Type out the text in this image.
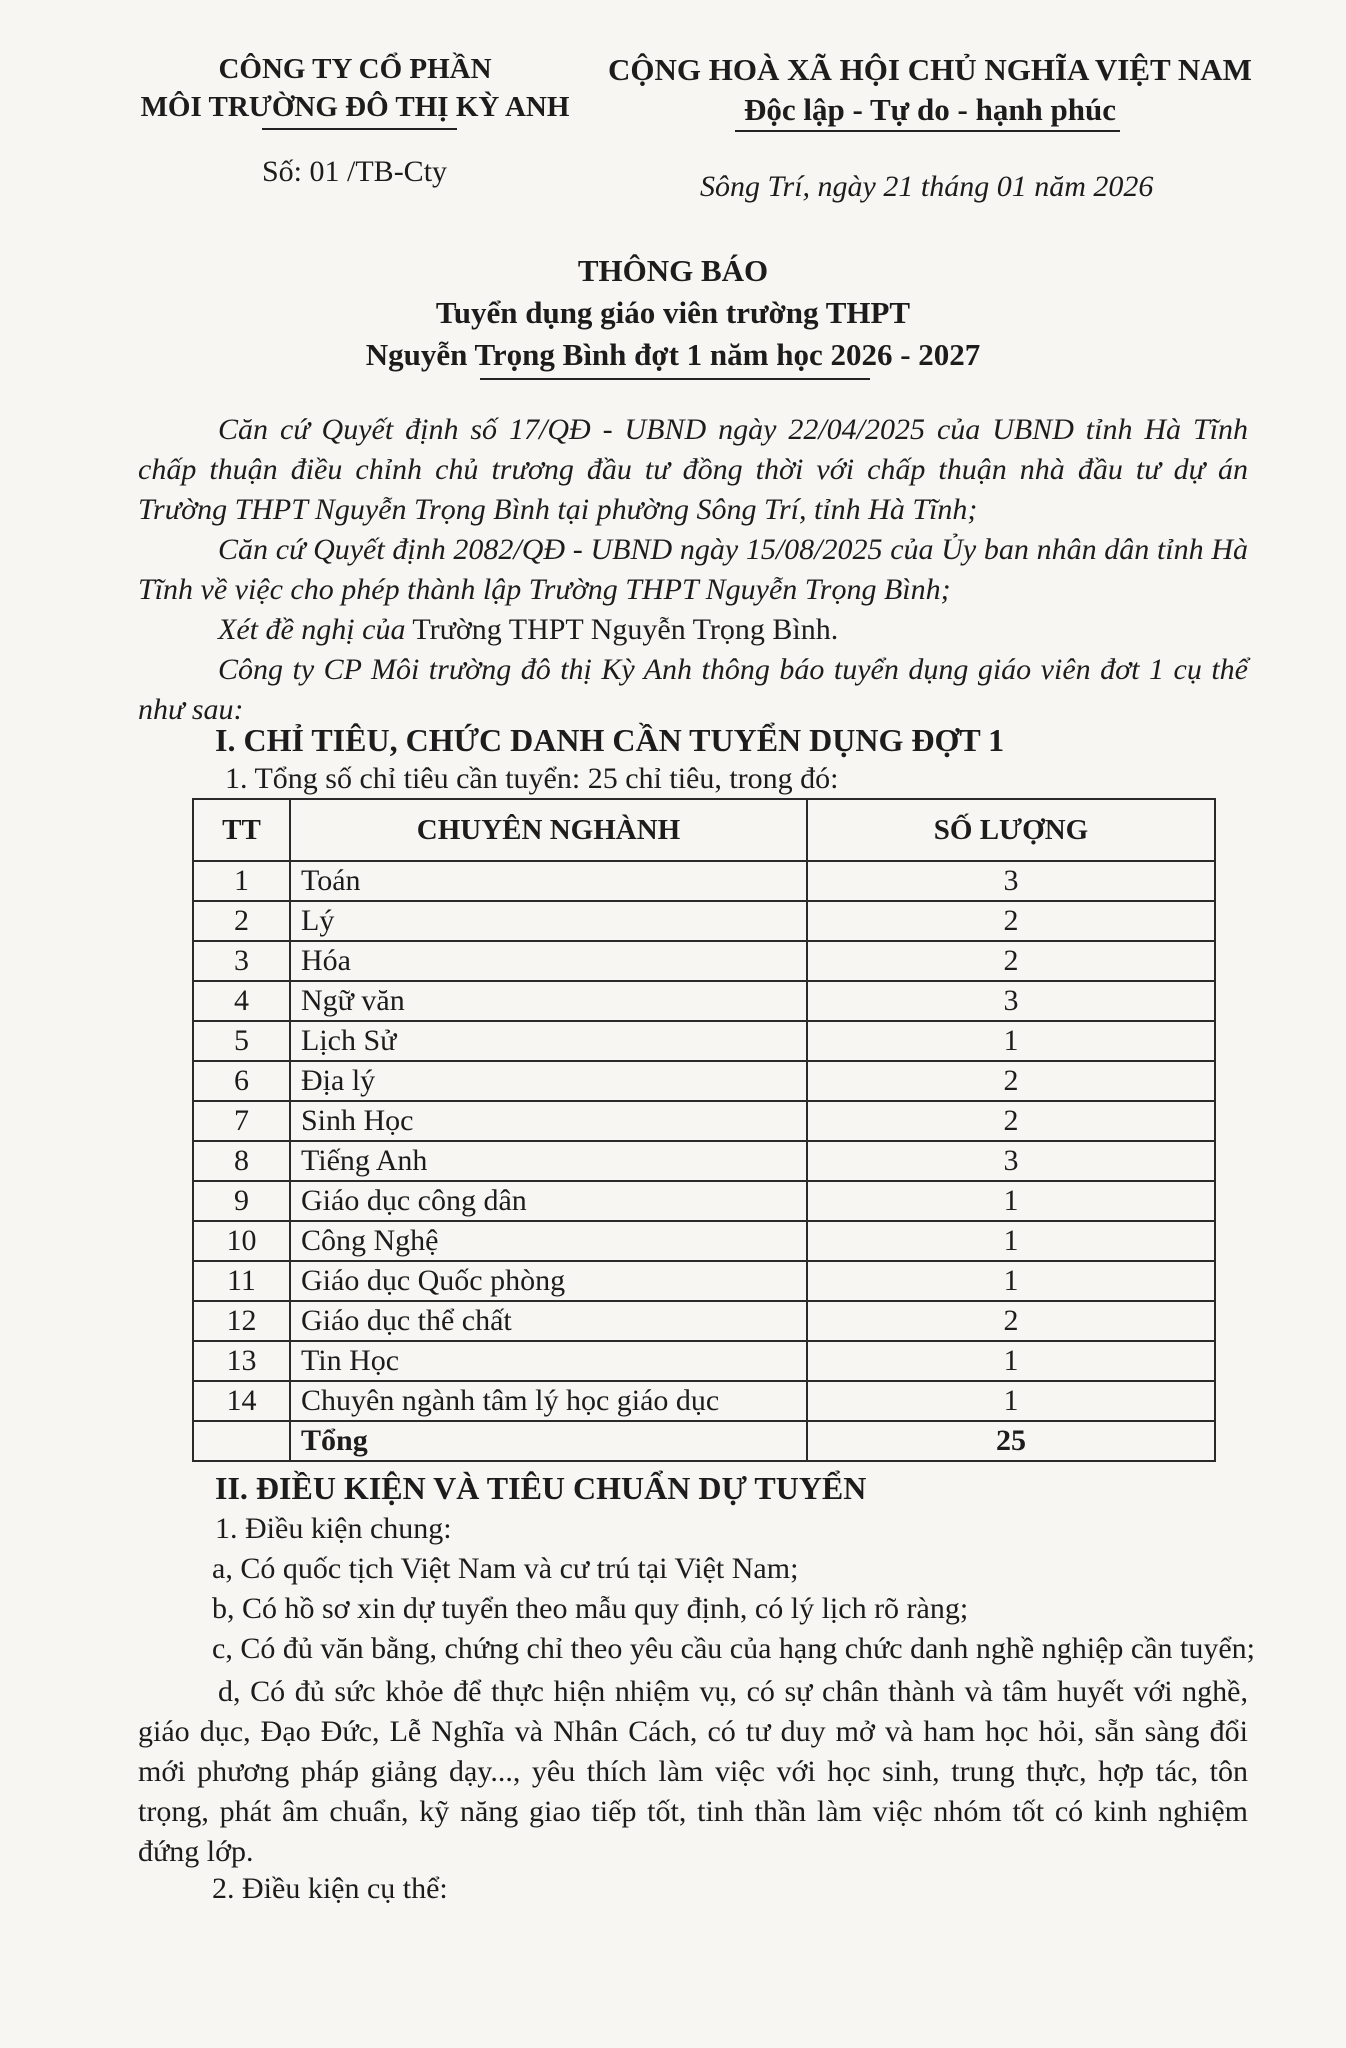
CÔNG TY CỔ PHẦN
MÔI TRƯỜNG ĐÔ THỊ KỲ ANH
CỘNG HOÀ XÃ HỘI CHỦ NGHĨA VIỆT NAM
Độc lập - Tự do - hạnh phúc
Số: 01 /TB-Cty	Sông Trí, ngày 21 tháng 01 năm 2026
THÔNG BÁO
Tuyển dụng giáo viên trường THPT
Nguyễn Trọng Bình đợt 1 năm học 2026 - 2027
Căn cứ Quyết định số 17/QĐ - UBND ngày 22/04/2025 của UBND tỉnh Hà Tĩnh chấp thuận điều chỉnh chủ trương đầu tư đồng thời với chấp thuận nhà đầu tư dự án Trường THPT Nguyễn Trọng Bình tại phường Sông Trí, tỉnh Hà Tĩnh;
Căn cứ Quyết định 2082/QĐ - UBND ngày 15/08/2025 của Ủy ban nhân dân tỉnh Hà Tĩnh về việc cho phép thành lập Trường THPT Nguyễn Trọng Bình;
Xét đề nghị của Trường THPT Nguyễn Trọng Bình.
Công ty CP Môi trường đô thị Kỳ Anh thông báo tuyển dụng giáo viên đơt 1 cụ thể như sau:
I. CHỈ TIÊU, CHỨC DANH CẦN TUYỂN DỤNG ĐỢT 1
1. Tổng số chỉ tiêu cần tuyển: 25 chỉ tiêu, trong đó:
TT	CHUYÊN NGHÀNH	SỐ LƯỢNG
1	Toán	3
2	Lý	2
3	Hóa	2
4	Ngữ văn	3
5	Lịch Sử	1
6	Địa lý	2
7	Sinh Học	2
8	Tiếng Anh	3
9	Giáo dục công dân	1
10	Công Nghệ	1
11	Giáo dục Quốc phòng	1
12	Giáo dục thể chất	2
13	Tin Học	1
14	Chuyên ngành tâm lý học giáo dục	1
	Tổng	25
II. ĐIỀU KIỆN VÀ TIÊU CHUẨN DỰ TUYỂN
1. Điều kiện chung:
a, Có quốc tịch Việt Nam và cư trú tại Việt Nam;
b, Có hồ sơ xin dự tuyển theo mẫu quy định, có lý lịch rõ ràng;
c, Có đủ văn bằng, chứng chỉ theo yêu cầu của hạng chức danh nghề nghiệp cần tuyển;
d, Có đủ sức khỏe để thực hiện nhiệm vụ, có sự chân thành và tâm huyết với nghề, giáo dục, Đạo Đức, Lễ Nghĩa và Nhân Cách, có tư duy mở và ham học hỏi, sẵn sàng đổi mới phương pháp giảng dạy..., yêu thích làm việc với học sinh, trung thực, hợp tác, tôn trọng, phát âm chuẩn, kỹ năng giao tiếp tốt, tinh thần làm việc nhóm tốt có kinh nghiệm đứng lớp.
2. Điều kiện cụ thể:
